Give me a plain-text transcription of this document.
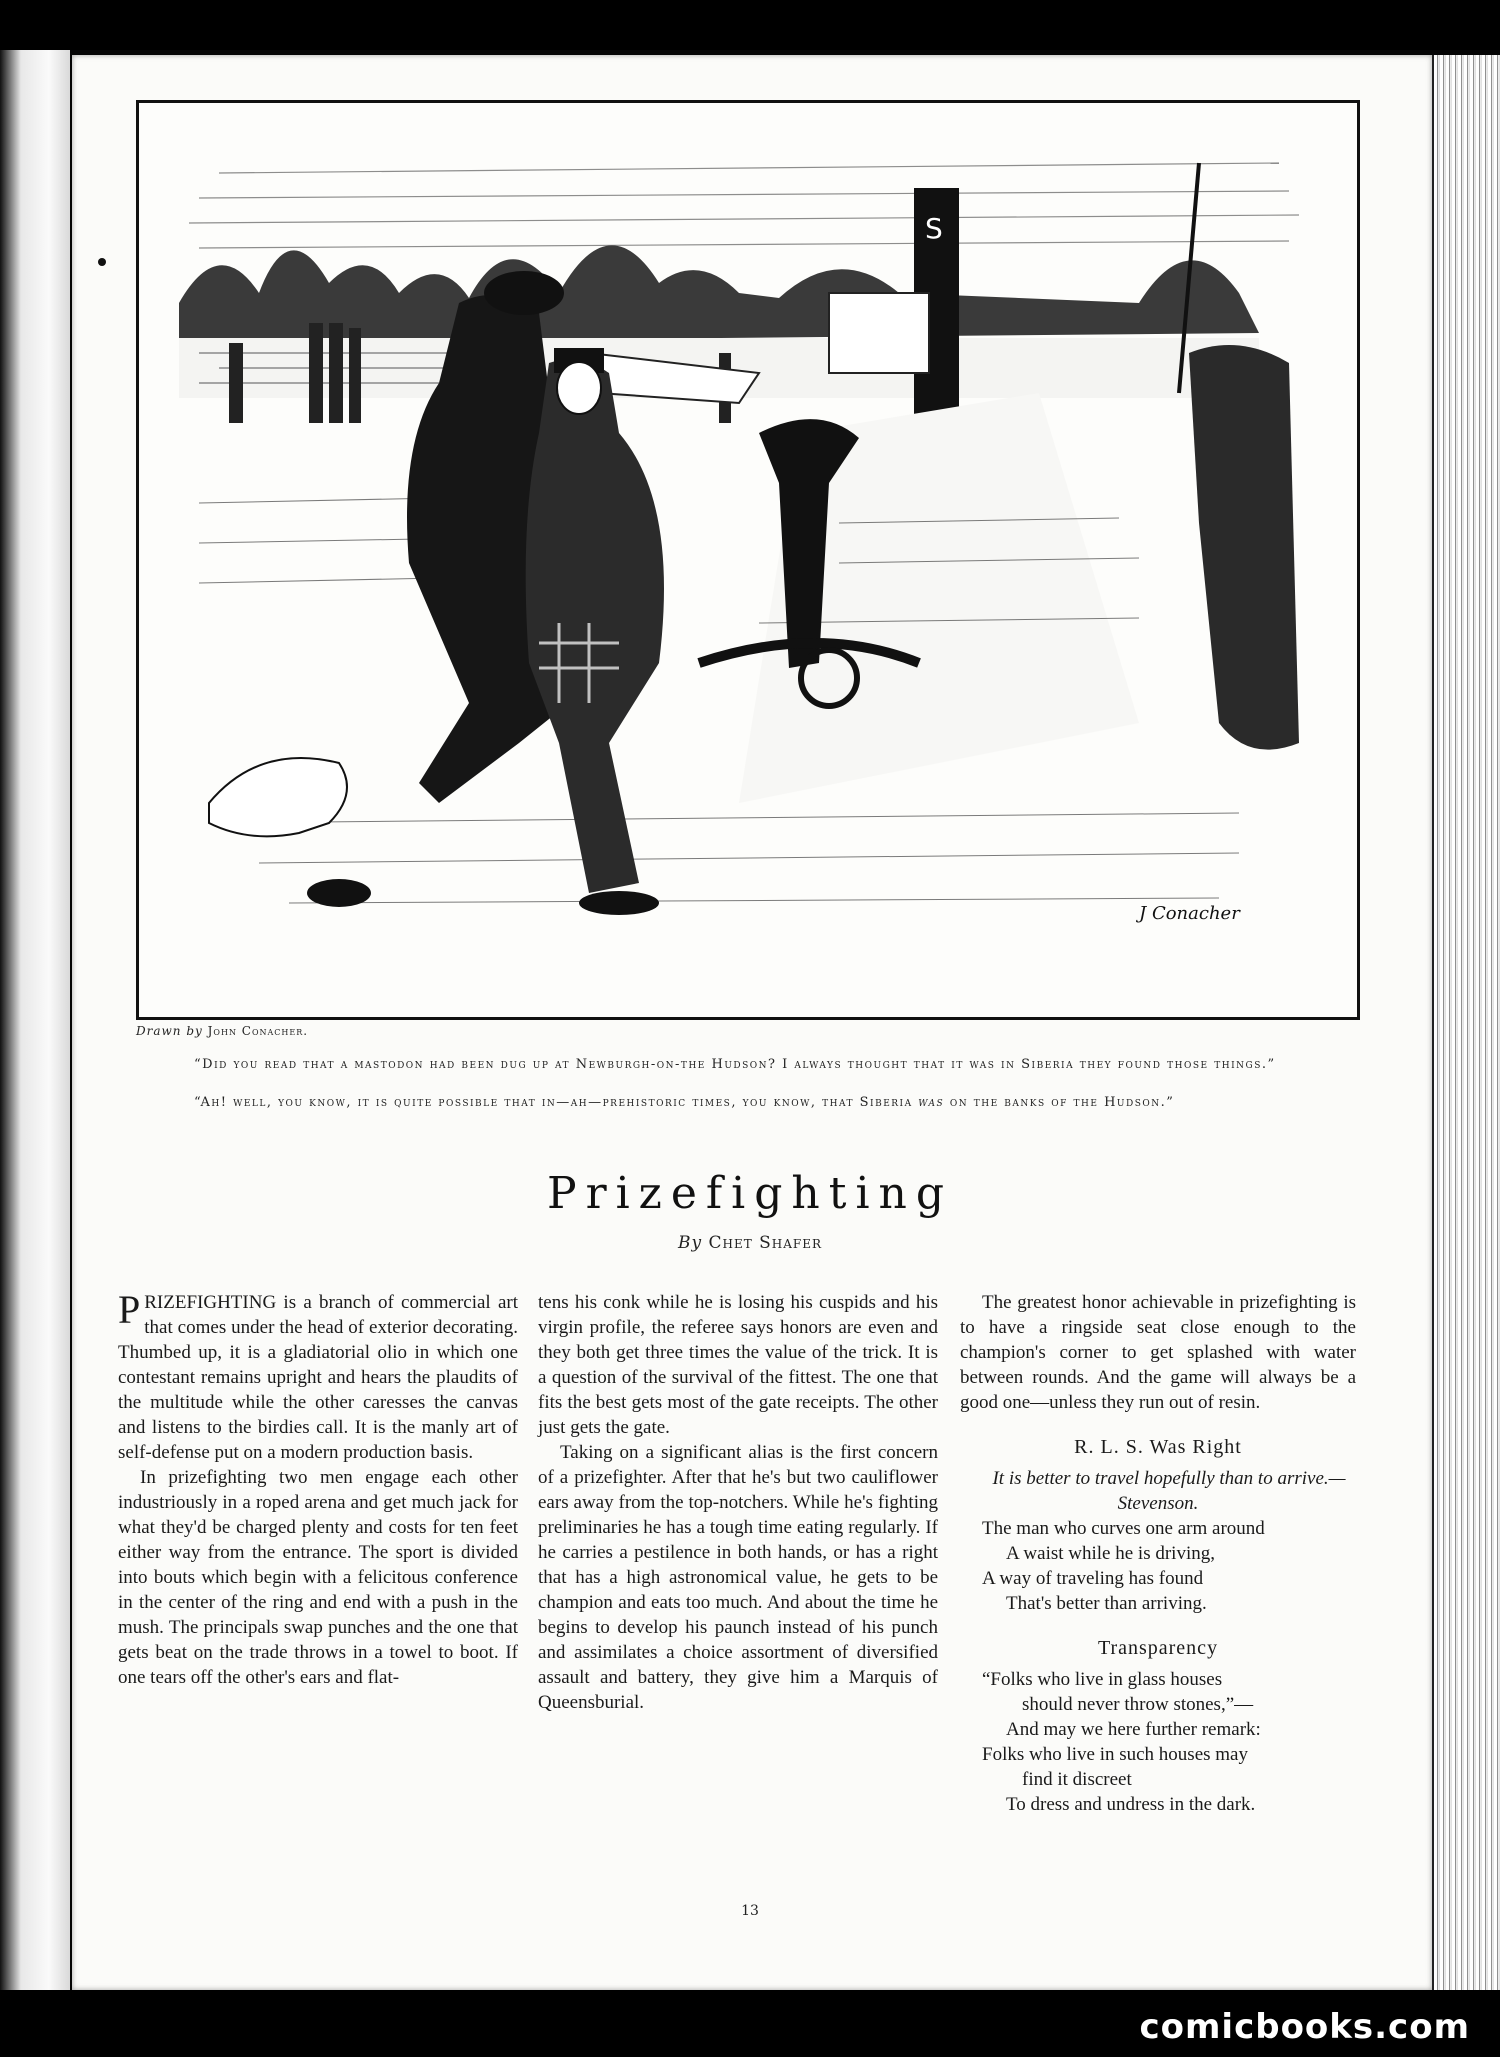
comicbooks.com
S
J Conacher
Drawn by John Conacher.

“Did you read that a mastodon had been dug up at Newburgh-on-the Hudson? I always thought that it was in Siberia they found those things.”

“Ah! well, you know, it is quite possible that in—ah—prehistoric times, you know, that Siberia was on the banks of the Hudson.”

Prizefighting
By Chet Shafer

PRIZEFIGHTING is a branch of commercial art that comes under the head of exterior decorating. Thumbed up, it is a gladiatorial olio in which one contestant remains upright and hears the plaudits of the multitude while the other caresses the canvas and listens to the birdies call. It is the manly art of self-defense put on a modern production basis.

In prizefighting two men engage each other industriously in a roped arena and get much jack for what they'd be charged plenty and costs for ten feet either way from the entrance. The sport is divided into bouts which begin with a felicitous conference in the center of the ring and end with a push in the mush. The principals swap punches and the one that gets beat on the trade throws in a towel to boot. If one tears off the other's ears and flat-

tens his conk while he is losing his cuspids and his virgin profile, the referee says honors are even and they both get three times the value of the trick. It is a question of the survival of the fittest. The one that fits the best gets most of the gate receipts. The other just gets the gate.

Taking on a significant alias is the first concern of a prizefighter. After that he's but two cauliflower ears away from the top-notchers. While he's fighting preliminaries he has a tough time eating regularly. If he carries a pestilence in both hands, or has a right that has a high astronomical value, he gets to be champion and eats too much. And about the time he begins to develop his paunch instead of his punch and assimilates a choice assortment of diversified assault and battery, they give him a Marquis of Queensburial.

The greatest honor achievable in prizefighting is to have a ringside seat close enough to the champion's corner to get splashed with water between rounds. And the game will always be a good one—unless they run out of resin.

R. L. S. Was Right

It is better to travel hopefully than to arrive.—Stevenson.

The man who curves one arm around

A waist while he is driving,

A way of traveling has found

That's better than arriving.

Transparency

“Folks who live in glass houses

should never throw stones,”—

And may we here further remark:

Folks who live in such houses may

find it discreet

To dress and undress in the dark.

13
